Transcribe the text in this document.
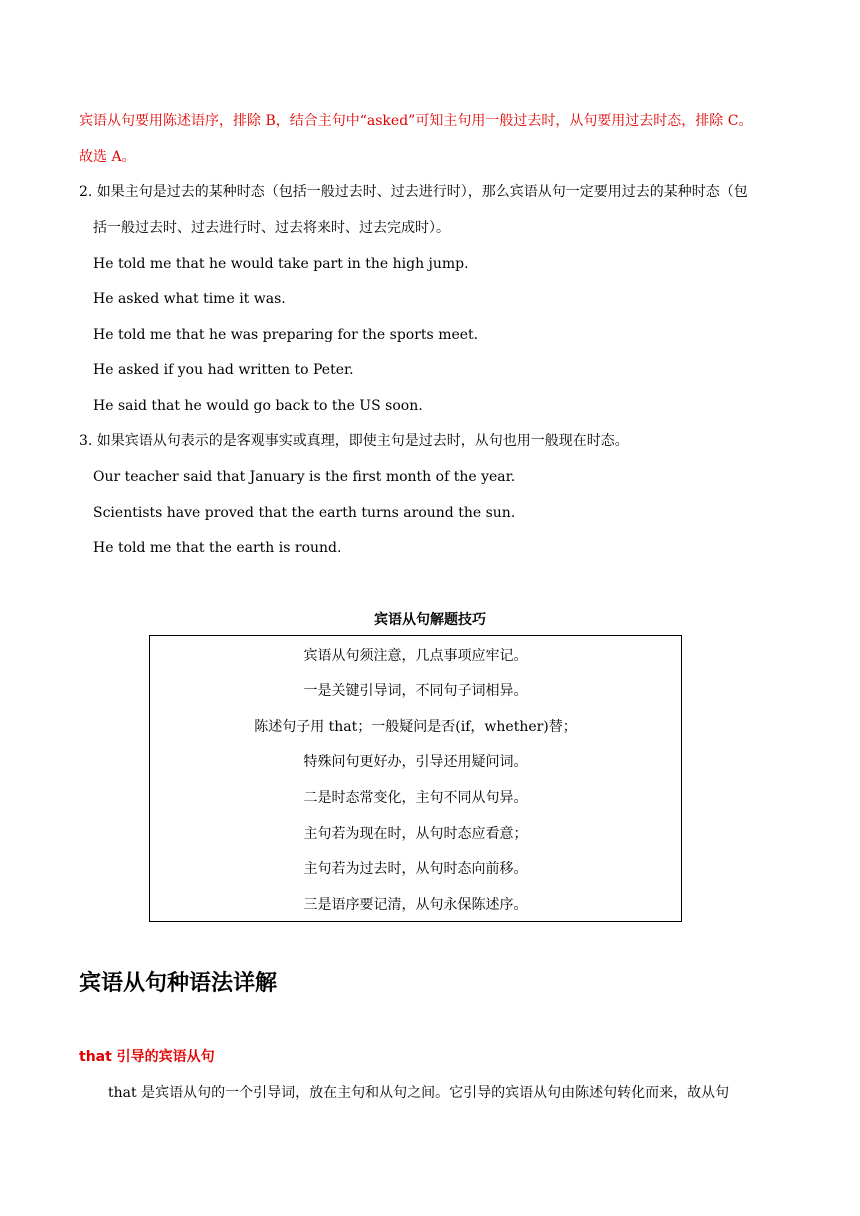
宾语从句要用陈述语序，排除 B，结合主句中“asked”可知主句用一般过去时，从句要用过去时态，排除 C。
故选 A。
2. 如果主句是过去的某种时态（包括一般过去时、过去进行时），那么宾语从句一定要用过去的某种时态（包
括一般过去时、过去进行时、过去将来时、过去完成时）。
He told me that he would take part in the high jump.
He asked what time it was.
He told me that he was preparing for the sports meet.
He asked if you had written to Peter.
He said that he would go back to the US soon.
3. 如果宾语从句表示的是客观事实或真理，即使主句是过去时，从句也用一般现在时态。
Our teacher said that January is the first month of the year.
Scientists have proved that the earth turns around the sun.
He told me that the earth is round.
宾语从句解题技巧
宾语从句须注意，几点事项应牢记。
一是关键引导词，不同句子词相异。
陈述句子用 that；一般疑问是否(if，whether)替；
特殊问句更好办，引导还用疑问词。
二是时态常变化，主句不同从句异。
主句若为现在时，从句时态应看意；
主句若为过去时，从句时态向前移。
三是语序要记清，从句永保陈述序。
宾语从句种语法详解
that 引导的宾语从句
that 是宾语从句的一个引导词，放在主句和从句之间。它引导的宾语从句由陈述句转化而来，故从句
